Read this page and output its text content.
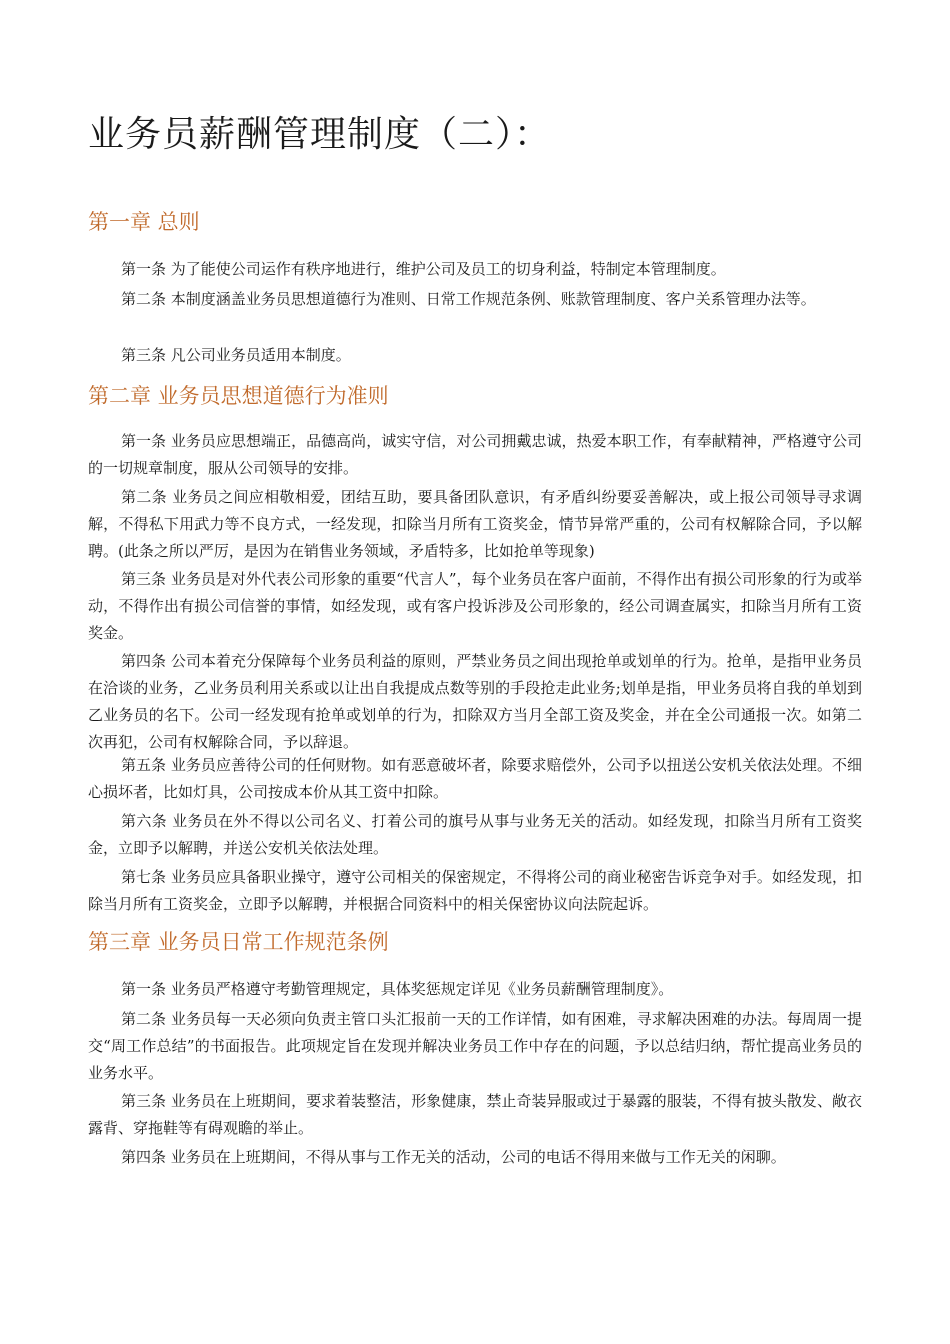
业务员薪酬管理制度（二）：
第一章 总则

第一条 为了能使公司运作有秩序地进行，维护公司及员工的切身利益，特制定本管理制度。

第二条 本制度涵盖业务员思想道德行为准则、日常工作规范条例、账款管理制度、客户关系管理办法等。

第三条 凡公司业务员适用本制度。

第二章 业务员思想道德行为准则

第一条 业务员应思想端正，品德高尚，诚实守信，对公司拥戴忠诚，热爱本职工作，有奉献精神，严格遵守公司的一切规章制度，服从公司领导的安排。

第二条 业务员之间应相敬相爱，团结互助，要具备团队意识，有矛盾纠纷要妥善解决，或上报公司领导寻求调解，不得私下用武力等不良方式，一经发现，扣除当月所有工资奖金，情节异常严重的，公司有权解除合同，予以解聘。(此条之所以严厉，是因为在销售业务领域，矛盾特多，比如抢单等现象)

第三条 业务员是对外代表公司形象的重要“代言人”，每个业务员在客户面前，不得作出有损公司形象的行为或举动，不得作出有损公司信誉的事情，如经发现，或有客户投诉涉及公司形象的，经公司调查属实，扣除当月所有工资奖金。

第四条 公司本着充分保障每个业务员利益的原则，严禁业务员之间出现抢单或划单的行为。抢单，是指甲业务员在洽谈的业务，乙业务员利用关系或以让出自我提成点数等别的手段抢走此业务;划单是指，甲业务员将自我的单划到乙业务员的名下。公司一经发现有抢单或划单的行为，扣除双方当月全部工资及奖金，并在全公司通报一次。如第二次再犯，公司有权解除合同，予以辞退。

第五条 业务员应善待公司的任何财物。如有恶意破坏者，除要求赔偿外，公司予以扭送公安机关依法处理。不细心损坏者，比如灯具，公司按成本价从其工资中扣除。

第六条 业务员在外不得以公司名义、打着公司的旗号从事与业务无关的活动。如经发现，扣除当月所有工资奖金，立即予以解聘，并送公安机关依法处理。

第七条 业务员应具备职业操守，遵守公司相关的保密规定，不得将公司的商业秘密告诉竞争对手。如经发现，扣除当月所有工资奖金，立即予以解聘，并根据合同资料中的相关保密协议向法院起诉。

第三章 业务员日常工作规范条例

第一条 业务员严格遵守考勤管理规定，具体奖惩规定详见《业务员薪酬管理制度》。

第二条 业务员每一天必须向负责主管口头汇报前一天的工作详情，如有困难，寻求解决困难的办法。每周周一提交“周工作总结”的书面报告。此项规定旨在发现并解决业务员工作中存在的问题，予以总结归纳，帮忙提高业务员的业务水平。

第三条 业务员在上班期间，要求着装整洁，形象健康，禁止奇装异服或过于暴露的服装，不得有披头散发、敞衣露背、穿拖鞋等有碍观瞻的举止。

第四条 业务员在上班期间，不得从事与工作无关的活动，公司的电话不得用来做与工作无关的闲聊。
